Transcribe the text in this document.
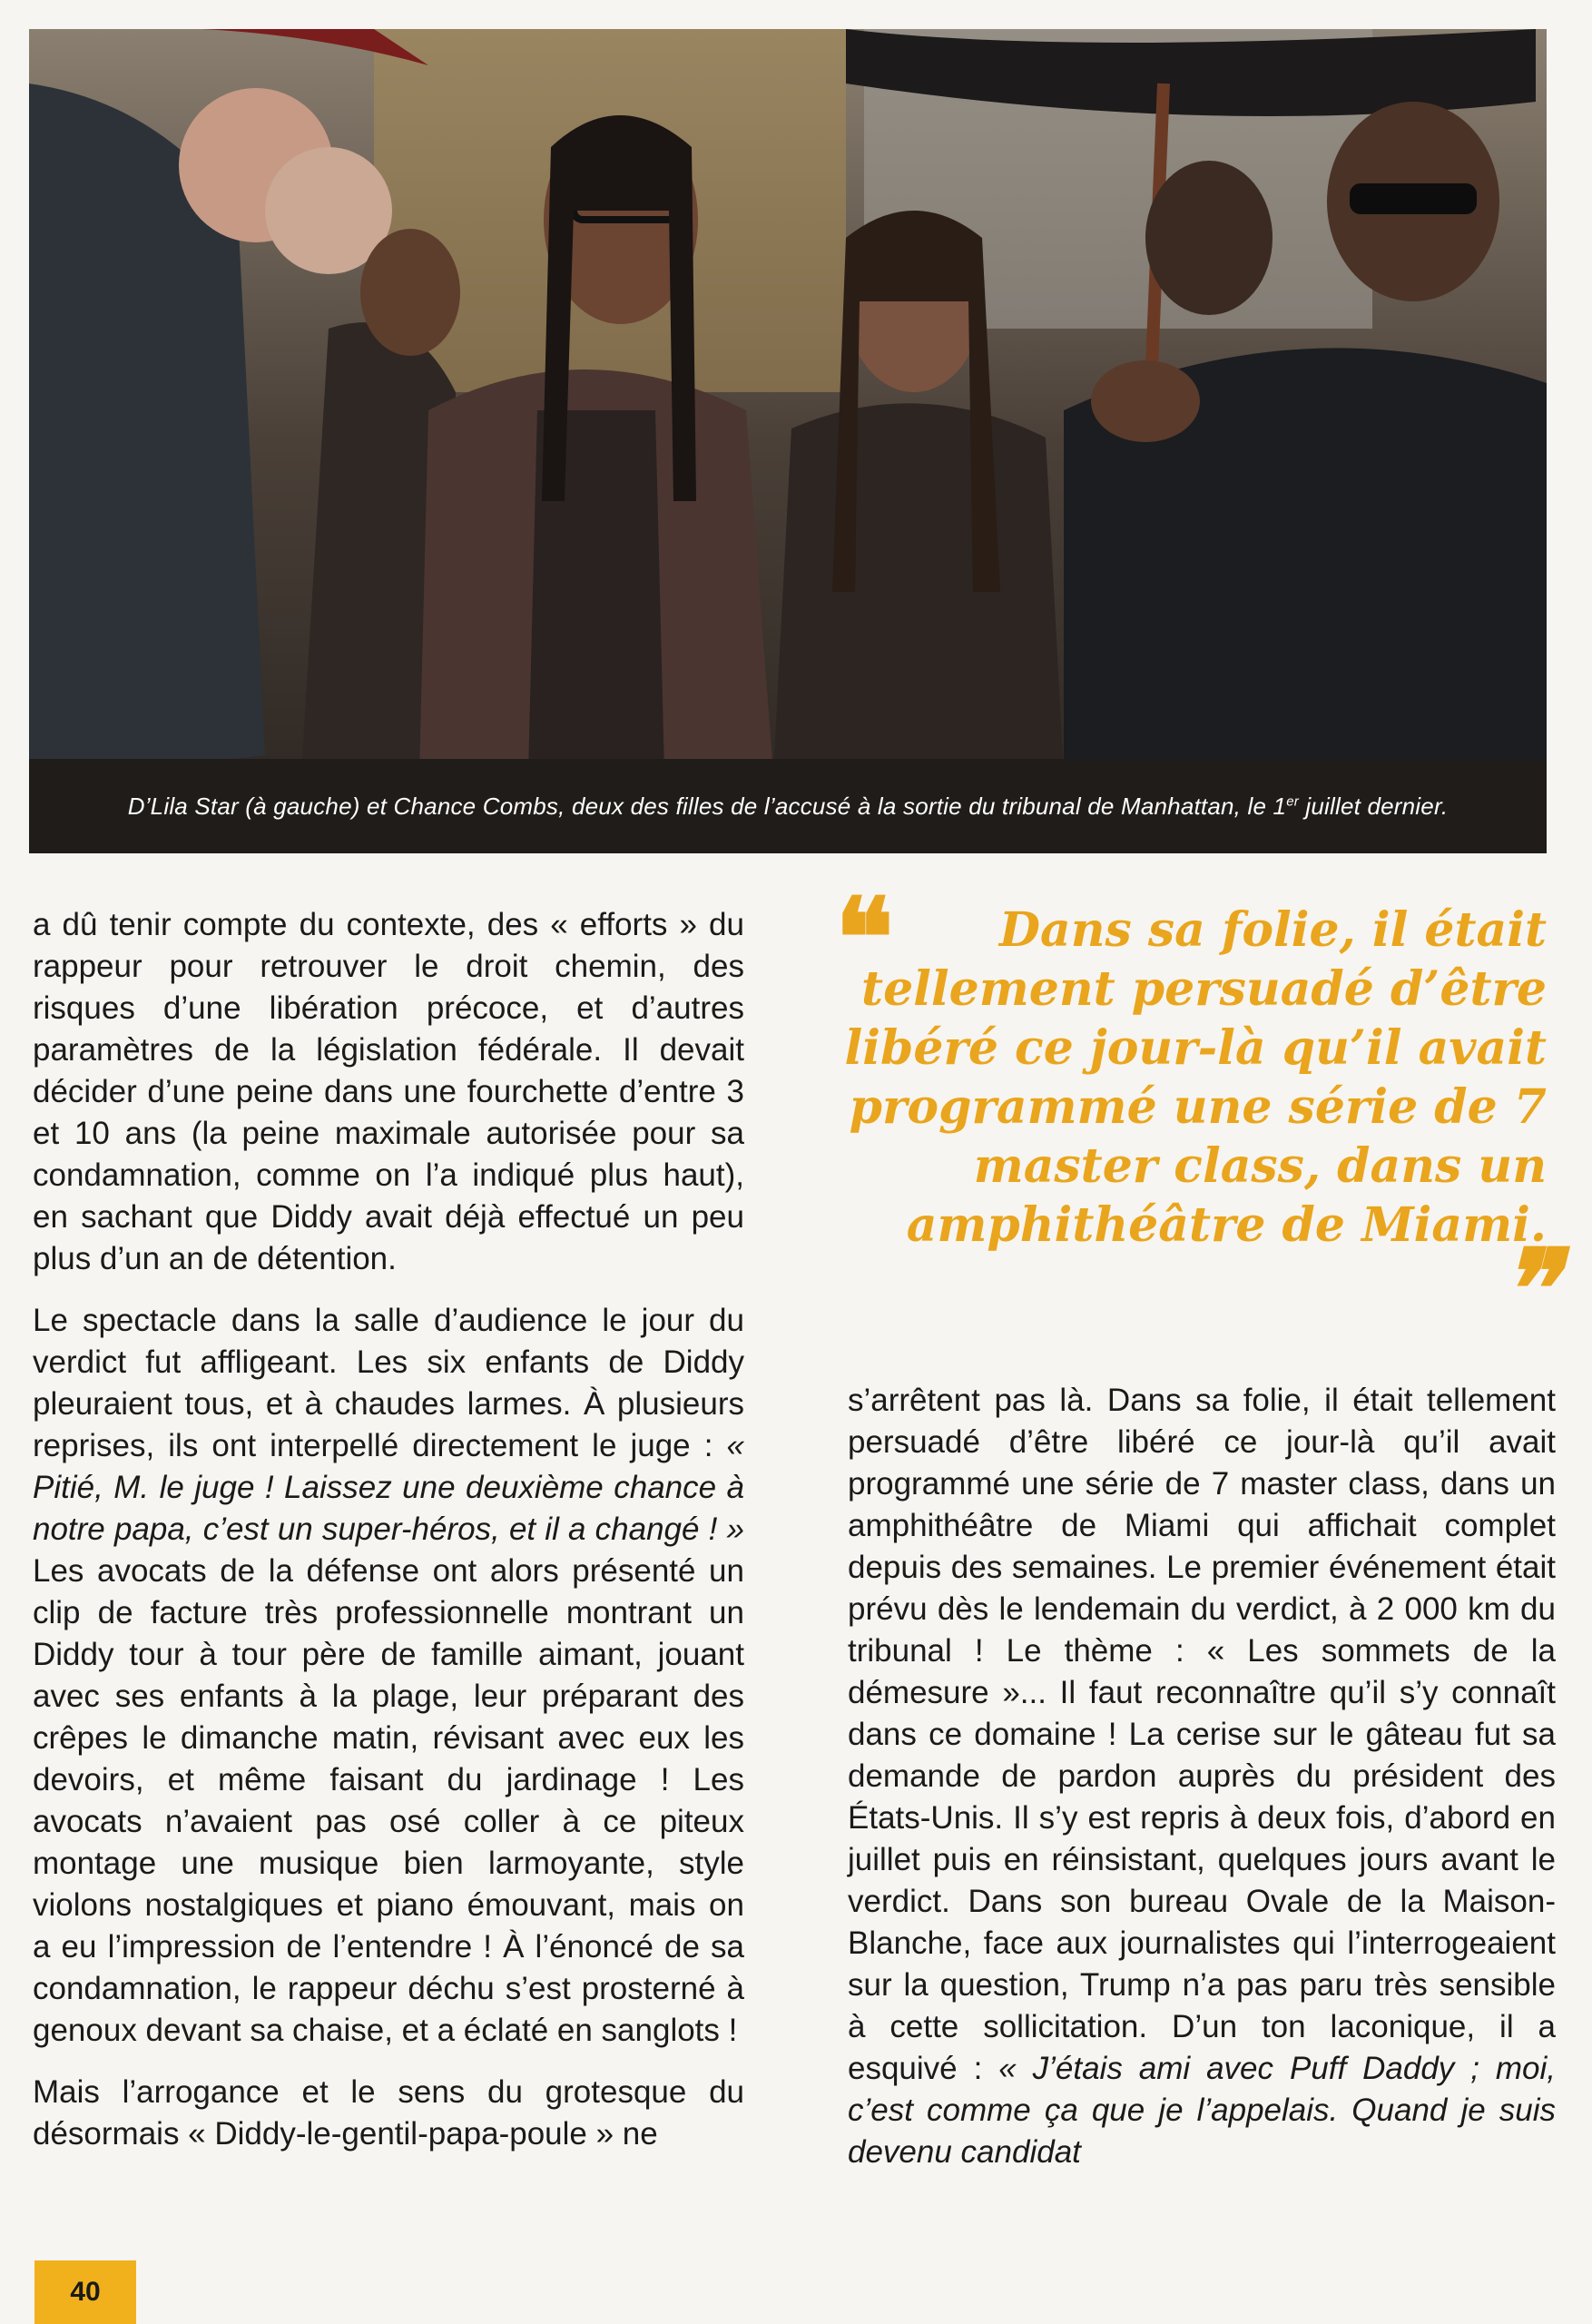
D’Lila Star (à gauche) et Chance Combs, deux des filles de l’accusé à la sortie du tribunal de Manhattan, le 1er juillet dernier.

a dû tenir compte du contexte, des « efforts » du rappeur pour retrouver le droit chemin, des risques d’une libération précoce, et d’autres paramètres de la législation fédérale. Il devait décider d’une peine dans une fourchette d’entre 3 et 10 ans (la peine maximale autorisée pour sa condamnation, comme on l’a indiqué plus haut), en sachant que Diddy avait déjà effectué un peu plus d’un an de détention.

Le spectacle dans la salle d’audience le jour du verdict fut affligeant. Les six enfants de Diddy pleuraient tous, et à chaudes larmes. À plusieurs reprises, ils ont interpellé directement le juge : « Pitié, M. le juge ! Laissez une deuxième chance à notre papa, c’est un super-héros, et il a changé ! » Les avocats de la défense ont alors présenté un clip de facture très professionnelle montrant un Diddy tour à tour père de famille aimant, jouant avec ses enfants à la plage, leur préparant des crêpes le dimanche matin, révisant avec eux les devoirs, et même faisant du jardinage ! Les avocats n’avaient pas osé coller à ce piteux montage une musique bien larmoyante, style violons nostalgiques et piano émouvant, mais on a eu l’impression de l’entendre ! À l’énoncé de sa condamnation, le rappeur déchu s’est prosterné à genoux devant sa chaise, et a éclaté en sanglots !

Mais l’arrogance et le sens du grotesque du désormais « Diddy-le-gentil-papa-poule » ne

❝	Dans sa folie, il était tellement persuadé d’être libéré ce jour-là qu’il avait programmé une série de 7 master class, dans un amphithéâtre de Miami.❞

s’arrêtent pas là. Dans sa folie, il était tellement persuadé d’être libéré ce jour-là qu’il avait programmé une série de 7 master class, dans un amphithéâtre de Miami qui affichait complet depuis des semaines. Le premier événement était prévu dès le lendemain du verdict, à 2 000 km du tribunal ! Le thème : « Les sommets de la démesure »... Il faut reconnaître qu’il s’y connaît dans ce domaine ! La cerise sur le gâteau fut sa demande de pardon auprès du président des États-Unis. Il s’y est repris à deux fois, d’abord en juillet puis en réinsistant, quelques jours avant le verdict. Dans son bureau Ovale de la Maison-Blanche, face aux journalistes qui l’interrogeaient sur la question, Trump n’a pas paru très sensible à cette sollicitation. D’un ton laconique, il a esquivé : « J’étais ami avec Puff Daddy ; moi, c’est comme ça que je l’appelais. Quand je suis devenu candidat

40
